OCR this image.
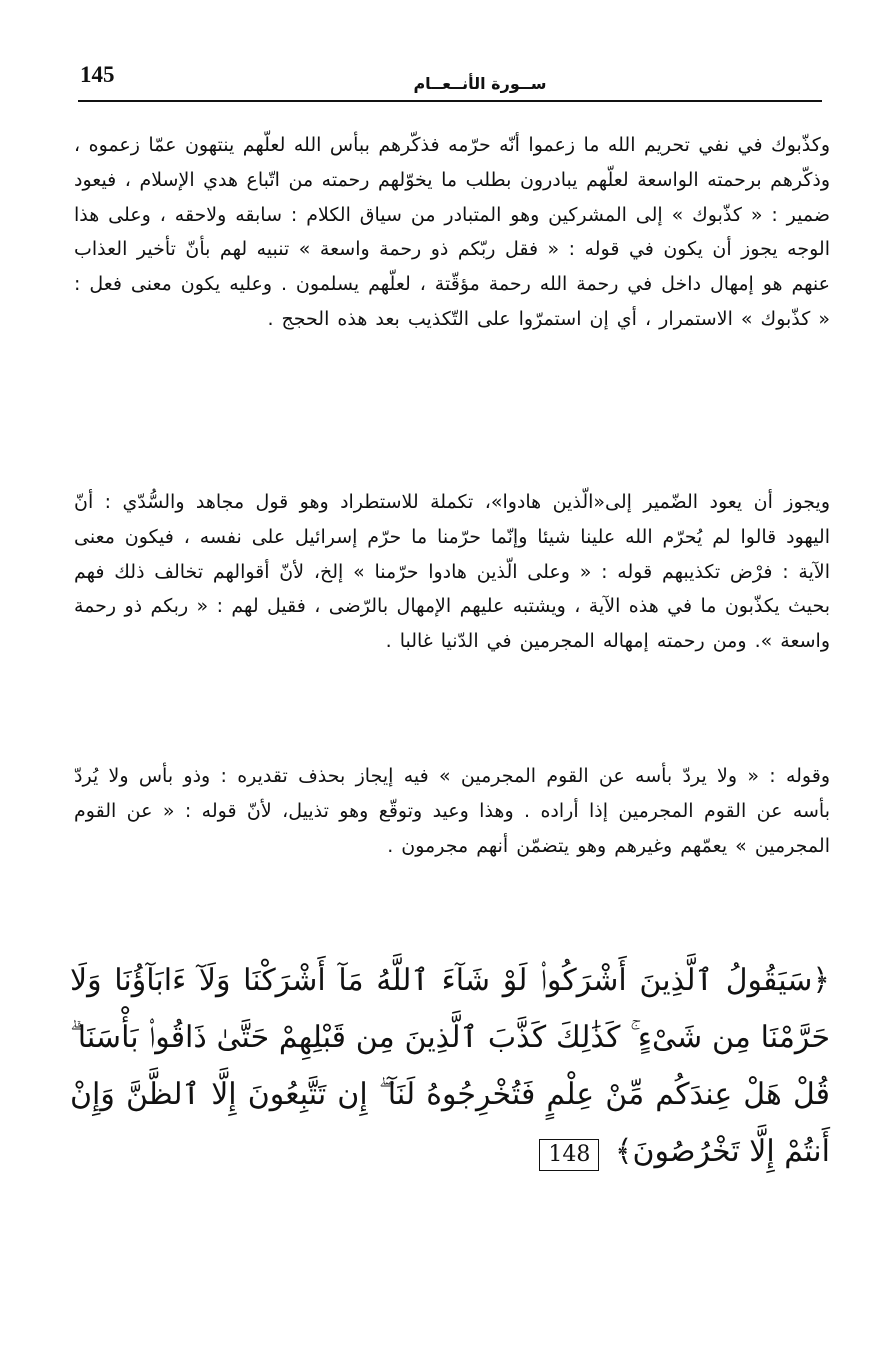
145	ســورة الأنــعــام

وكذّبوك في نفي تحريم الله ما زعموا أنّه حرّمه فذكّرهم ببأس الله لعلّهم ينتهون عمّا زعموه ، وذكّرهم برحمته الواسعة لعلّهم يبادرون بطلب ما يخوّلهم رحمته من اتّباع هدي الإسلام ، فيعود ضمير : « كذّبوك » إلى المشركين وهو المتبادر من سياق الكلام : سابقه ولاحقه ، وعلى هذا الوجه يجوز أن يكون في قوله : « فقل ربّكم ذو رحمة واسعة » تنبيه لهم بأنّ تأخير العذاب عنهم هو إمهال داخل في رحمة الله رحمة مؤقّتة ، لعلّهم يسلمون . وعليه يكون معنى فعل : « كذّبوك » الاستمرار ، أي إن استمرّوا على التّكذيب بعد هذه الحجج .

ويجوز أن يعود الضّمير إلى«الّذين هادوا»، تكملة للاستطراد وهو قول مجاهد والسُّدّي : أنّ اليهود قالوا لم يُحرّم الله علينا شيئا وإنّما حرّمنا ما حرّم إسرائيل على نفسه ، فيكون معنى الآية : فرْض تكذيبهم قوله : « وعلى الّذين هادوا حرّمنا » إلخ، لأنّ أقوالهم تخالف ذلك فهم بحيث يكذّبون ما في هذه الآية ، ويشتبه عليهم الإمهال بالرّضى ، فقيل لهم : « ربكم ذو رحمة واسعة ». ومن رحمته إمهاله المجرمين في الدّنيا غالبا .

وقوله : « ولا يردّ بأسه عن القوم المجرمين » فيه إيجاز بحذف تقديره : وذو بأس ولا يُردّ بأسه عن القوم المجرمين إذا أراده . وهذا وعيد وتوقّع وهو تذييل، لأنّ قوله : « عن القوم المجرمين » يعمّهم وغيرهم وهو يتضمّن أنهم مجرمون .

﴿سَيَقُولُ ٱلَّذِينَ أَشْرَكُوا۟ لَوْ شَآءَ ٱللَّهُ مَآ أَشْرَكْنَا وَلَآ ءَابَآؤُنَا وَلَا حَرَّمْنَا مِن شَىْءٍ ۚ كَذَٰلِكَ كَذَّبَ ٱلَّذِينَ مِن قَبْلِهِمْ حَتَّىٰ ذَاقُوا۟ بَأْسَنَا ۗ قُلْ هَلْ عِندَكُم مِّنْ عِلْمٍ فَتُخْرِجُوهُ لَنَآ ۖ إِن تَتَّبِعُونَ إِلَّا ٱلظَّنَّ وَإِنْ أَنتُمْ إِلَّا تَخْرُصُونَ﴾ 148
